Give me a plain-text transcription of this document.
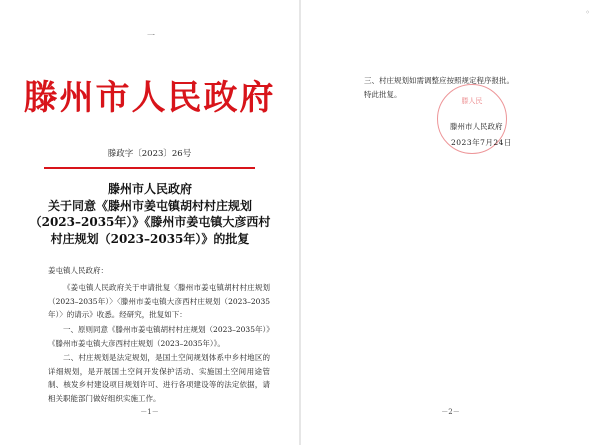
一
滕州市人民政府
滕政字〔2023〕26号
滕州市人民政府
关于同意《滕州市姜屯镇胡村村庄规划
（2023–2035年）》《滕州市姜屯镇大彦西村
村庄规划（2023–2035年）》的批复
姜屯镇人民政府：
《姜屯镇人民政府关于申请批复〈滕州市姜屯镇胡村村庄规划（2023–2035年）〉〈滕州市姜屯镇大彦西村庄规划（2023–2035年）〉的请示》收悉。经研究，批复如下：
一、原则同意《滕州市姜屯镇胡村村庄规划（2023–2035年）》《滕州市姜屯镇大彦西村庄规划（2023–2035年）》。
二、村庄规划是法定规划，是国土空间规划体系中乡村地区的详细规划，是开展国土空间开发保护活动、实施国土空间用途管制、核发乡村建设项目规划许可、进行各项建设等的法定依据，请相关职能部门做好组织实施工作。
－1－
◦
三、村庄规划如需调整应按照规定程序报批。
特此批复。
－2－
滕人民
滕州市人民政府
2023年7月24日
